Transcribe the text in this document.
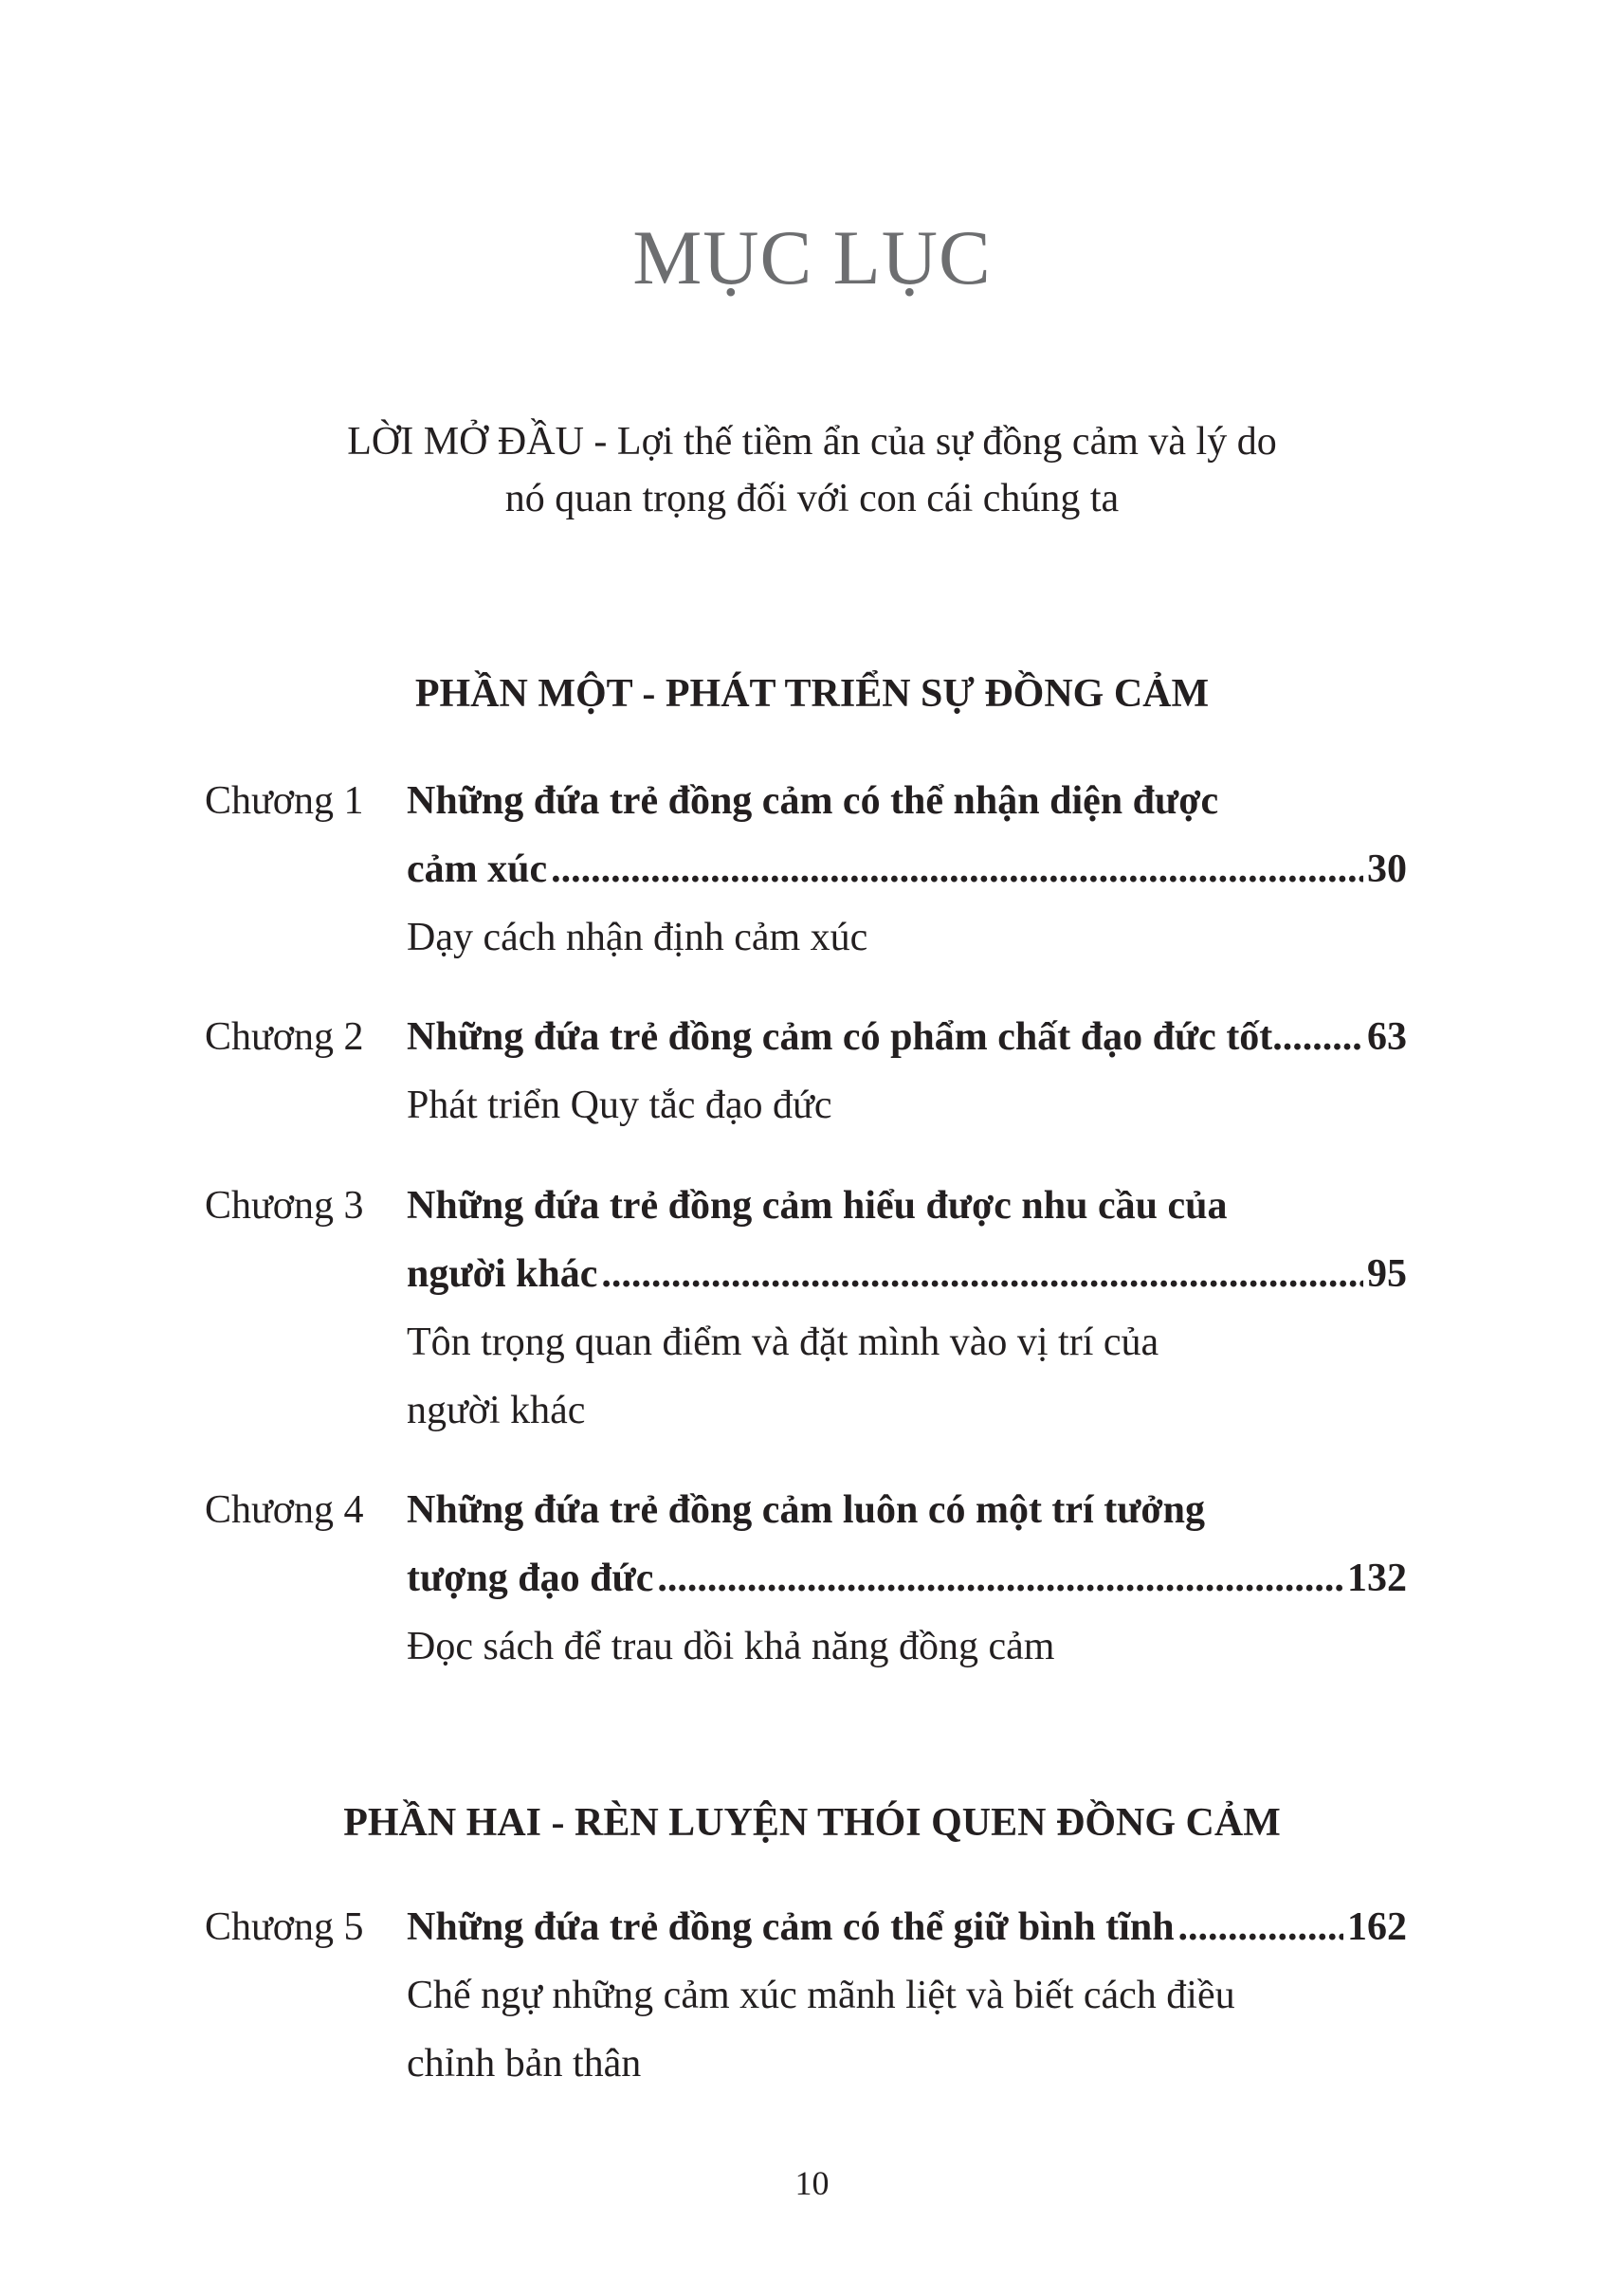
MỤC LỤC
LỜI MỞ ĐẦU - Lợi thế tiềm ẩn của sự đồng cảm và lý do
nó quan trọng đối với con cái chúng ta
PHẦN MỘT - PHÁT TRIỂN SỰ ĐỒNG CẢM
Chương 1 Những đứa trẻ đồng cảm có thể nhận diện được
cảm xúc .....	30
Dạy cách nhận định cảm xúc
Chương 2 Những đứa trẻ đồng cảm có phẩm chất đạo đức tốt ..... 63
Phát triển Quy tắc đạo đức
Chương 3 Những đứa trẻ đồng cảm hiểu được nhu cầu của
người khác .....	95
Tôn trọng quan điểm và đặt mình vào vị trí của
người khác
Chương 4 Những đứa trẻ đồng cảm luôn có một trí tưởng
tượng đạo đức .....	132
Đọc sách để trau dồi khả năng đồng cảm
PHẦN HAI - RÈN LUYỆN THÓI QUEN ĐỒNG CẢM
Chương 5 Những đứa trẻ đồng cảm có thể giữ bình tĩnh .....	162
Chế ngự những cảm xúc mãnh liệt và biết cách điều
chỉnh bản thân
10
